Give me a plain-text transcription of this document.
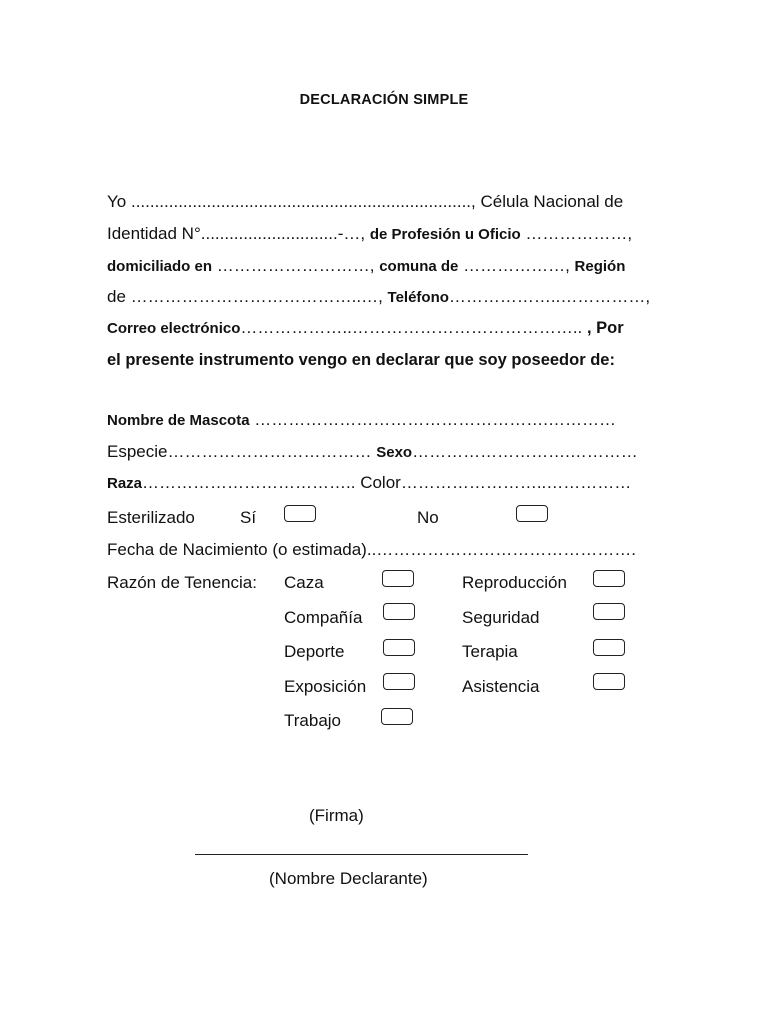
DECLARACIÓN SIMPLE
Yo ........................................................................, Célula Nacional de
Identidad N°.............................-…, de Profesión u Oficio ………………,
domiciliado en ………………………, comuna de ………………, Región
de …………………………………..…, Teléfono………………..……………,
Correo electrónico………………..………………………………….. , Por
el presente instrumento vengo en declarar que soy poseedor de:
Nombre de Mascota …………………………………………….…………
Especie……………………………… Sexo……………………….…………
Raza……………………………….. Color……………………..……………
Esterilizado	Sí	No
Fecha de Nacimiento (o estimada)..……………………………………….
Razón de Tenencia: Caza
Compañía
Deporte
Exposición
Trabajo
Reproducción
Seguridad
Terapia
Asistencia
(Firma)
(Nombre Declarante)
